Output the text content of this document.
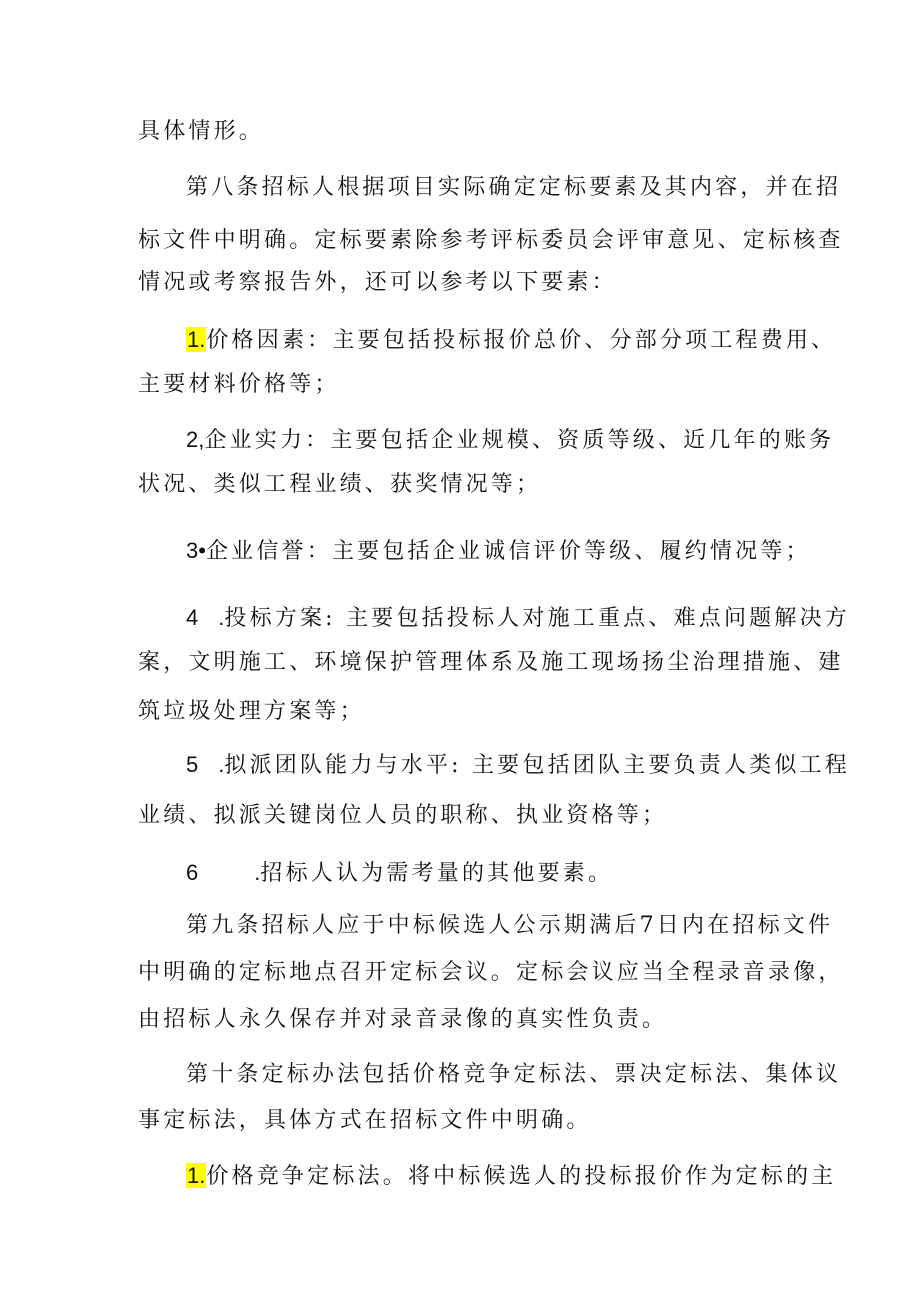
具体情形。
第八条招标人根据项目实际确定定标要素及其内容，并在招
标文件中明确。定标要素除参考评标委员会评审意见、定标核查
情况或考察报告外，还可以参考以下要素：
1.价格因素：主要包括投标报价总价、分部分项工程费用、
主要材料价格等；
2,企业实力：主要包括企业规模、资质等级、近几年的账务
状况、类似工程业绩、获奖情况等；
3•企业信誉：主要包括企业诚信评价等级、履约情况等；
4 .投标方案: 主要包括投标人对施工重点、难点问题解决方
案，文明施工、环境保护管理体系及施工现场扬尘治理措施、建
筑垃圾处理方案等；
5 .拟派团队能力与水平: 主要包括团队主要负责人类似工程
业绩、拟派关键岗位人员的职称、执业资格等；
6	.招标人认为需考量的其他要素。
第九条招标人应于中标候选人公示期满后7日内在招标文件
中明确的定标地点召开定标会议。定标会议应当全程录音录像，
由招标人永久保存并对录音录像的真实性负责。
第十条定标办法包括价格竞争定标法、票决定标法、集体议
事定标法，具体方式在招标文件中明确。
1.价格竞争定标法。将中标候选人的投标报价作为定标的主
